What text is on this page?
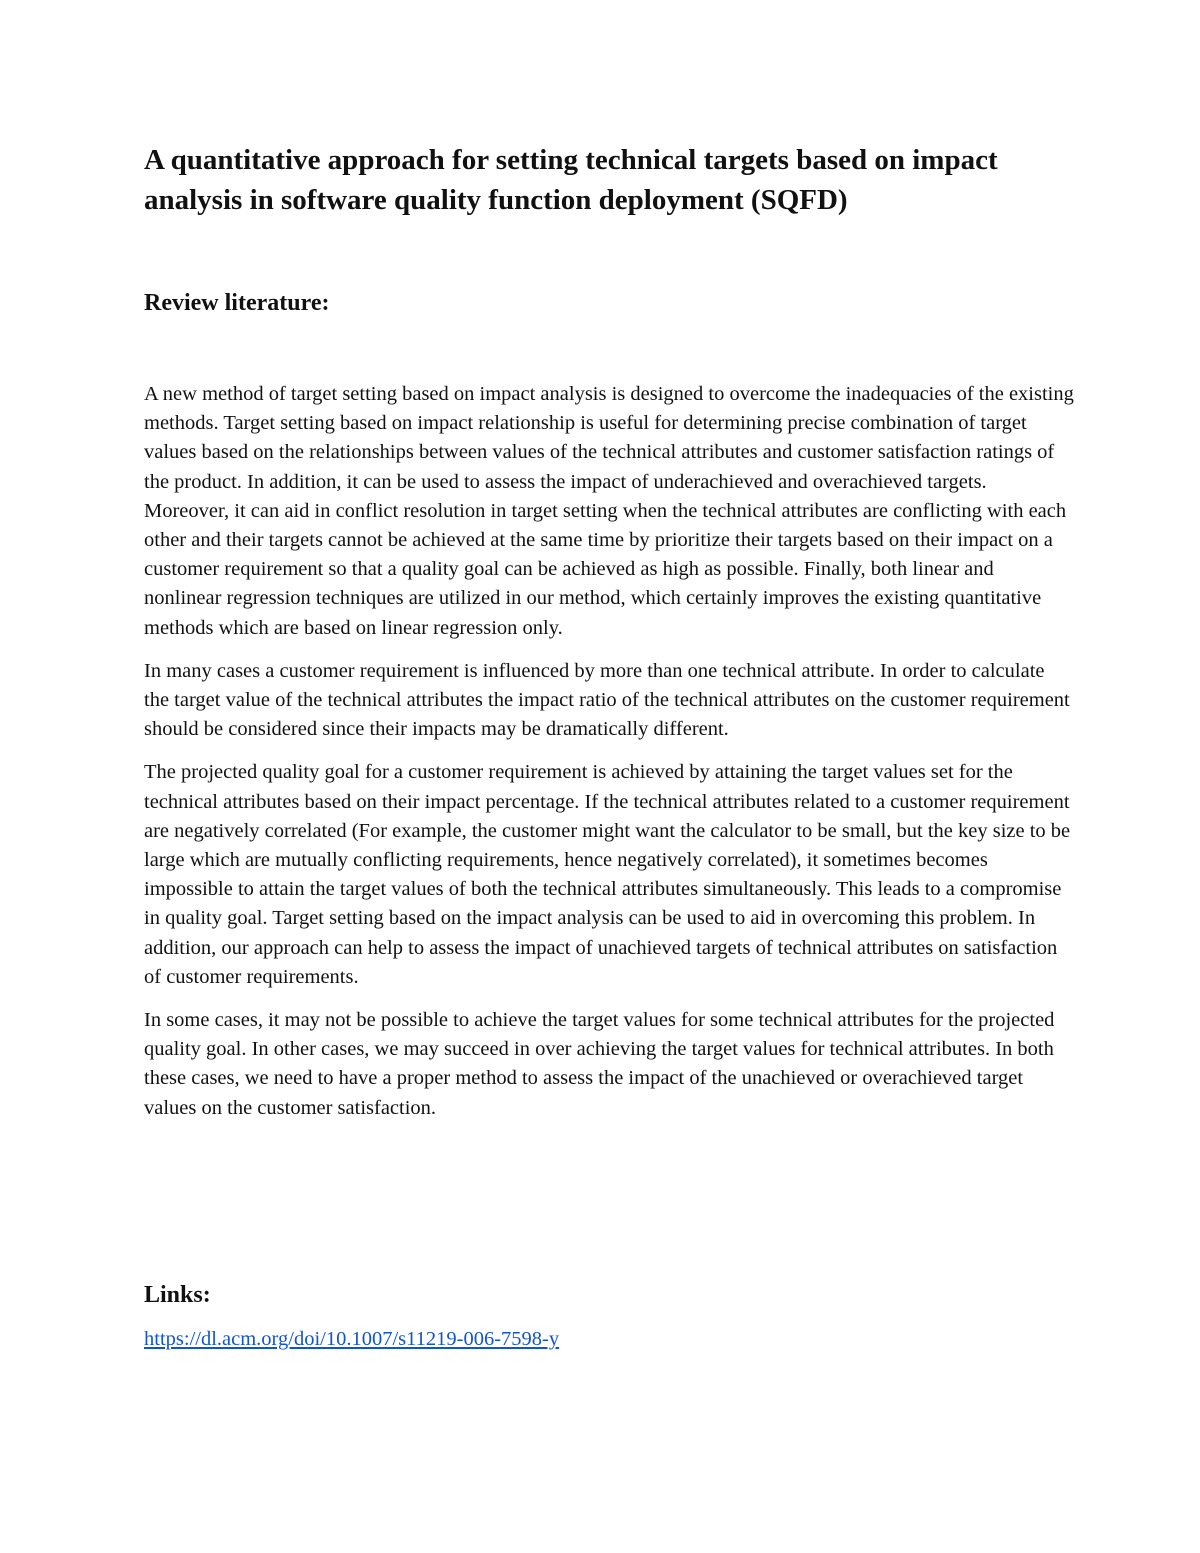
A quantitative approach for setting technical targets based on impact analysis in software quality function deployment (SQFD)
Review literature:

A new method of target setting based on impact analysis is designed to overcome the inadequacies of the existing methods. Target setting based on impact relationship is useful for determining precise combination of target values based on the relationships between values of the technical attributes and customer satisfaction ratings of the product. In addition, it can be used to assess the impact of underachieved and overachieved targets. Moreover, it can aid in conflict resolution in target setting when the technical attributes are conflicting with each other and their targets cannot be achieved at the same time by prioritize their targets based on their impact on a customer requirement so that a quality goal can be achieved as high as possible. Finally, both linear and nonlinear regression techniques are utilized in our method, which certainly improves the existing quantitative methods which are based on linear regression only.

In many cases a customer requirement is influenced by more than one technical attribute. In order to calculate the target value of the technical attributes the impact ratio of the technical attributes on the customer requirement should be considered since their impacts may be dramatically different.

The projected quality goal for a customer requirement is achieved by attaining the target values set for the technical attributes based on their impact percentage. If the technical attributes related to a customer requirement are negatively correlated (For example, the customer might want the calculator to be small, but the key size to be large which are mutually conflicting requirements, hence negatively correlated), it sometimes becomes impossible to attain the target values of both the technical attributes simultaneously. This leads to a compromise in quality goal. Target setting based on the impact analysis can be used to aid in overcoming this problem. In addition, our approach can help to assess the impact of unachieved targets of technical attributes on satisfaction of customer requirements.

In some cases, it may not be possible to achieve the target values for some technical attributes for the projected quality goal. In other cases, we may succeed in over achieving the target values for technical attributes. In both these cases, we need to have a proper method to assess the impact of the unachieved or overachieved target values on the customer satisfaction.

Links:

https://dl.acm.org/doi/10.1007/s11219-006-7598-y
